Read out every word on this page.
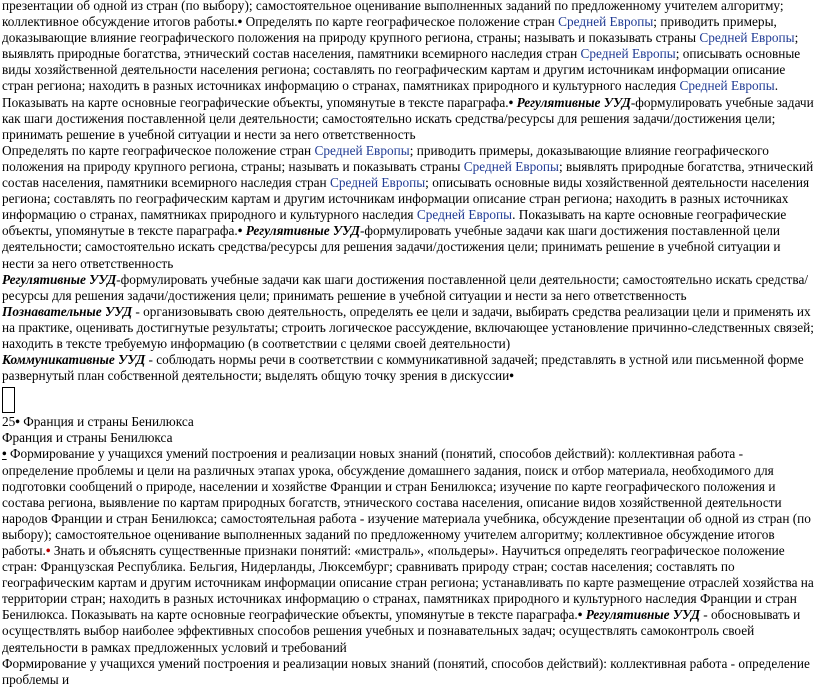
презентации об одной из стран (по выбору); самостоятельное оценивание выполненных заданий по предложенному учителем алгоритму; коллективное обсуждение итогов работы.• Определять по карте географическое положение стран Средней Европы; приводить примеры, доказывающие влияние географического положения на природу крупного региона, страны; называть и показывать страны Средней Европы; выявлять природные богатства, этнический состав населения, памятники всемирного наследия стран Средней Европы; описывать основные виды хозяйственной деятельности населения региона; составлять по географическим картам и другим источникам информации описание стран региона; находить в разных источниках информацию о странах, памятниках природного и культурного наследия Средней Европы. Показывать на карте основные географические объекты, упомянутые в тексте параграфа.• Регулятивные УУД-формулировать учебные задачи как шаги достижения поставленной цели деятельности; самостоятельно искать средства/ресурсы для решения задачи/достижения цели; принимать решение в учебной ситуации и нести за него ответственность

Определять по карте географическое положение стран Средней Европы; приводить примеры, доказывающие влияние географического положения на природу крупного региона, страны; называть и показывать страны Средней Европы; выявлять природные богатства, этнический состав населения, памятники всемирного наследия стран Средней Европы; описывать основные виды хозяйственной деятельности населения региона; составлять по географическим картам и другим источникам информации описание стран региона; находить в разных источниках информацию о странах, памятниках природного и культурного наследия Средней Европы. Показывать на карте основные географические объекты, упомянутые в тексте параграфа.• Регулятивные УУД-формулировать учебные задачи как шаги достижения поставленной цели деятельности; самостоятельно искать средства/ресурсы для решения задачи/достижения цели; принимать решение в учебной ситуации и нести за него ответственность

Регулятивные УУД-формулировать учебные задачи как шаги достижения поставленной цели деятельности; самостоятельно искать средства/ресурсы для решения задачи/достижения цели; принимать решение в учебной ситуации и нести за него ответственность

Познавательные УУД - организовывать свою деятельность, определять ее цели и задачи, выбирать средства реализации цели и применять их на практике, оценивать достигнутые результаты; строить логическое рассуждение, включающее установление причинно-следственных связей; находить в тексте требуемую информацию (в соответствии с целями своей деятельности)

Коммуникативные УУД - соблюдать нормы речи в соответствии с коммуникативной задачей; представлять в устной или письменной форме развернутый план собственной деятельности; выделять общую точку зрения в дискуссии•

25• Франция и страны Бенилюкса

Франция и страны Бенилюкса

• Формирование у учащихся умений построения и реализации новых знаний (понятий, способов действий): коллективная работа - определение проблемы и цели на различных этапах урока, обсуждение домашнего задания, поиск и отбор материала, необходимого для подготовки сообщений о природе, населении и хозяйстве Франции и стран Бенилюкса; изучение по карте географического положения и состава региона, выявление по картам природных богатств, этнического состава населения, описание видов хозяйственной деятельности народов Франции и стран Бенилюкса; самостоятельная работа - изучение материала учебника, обсуждение презентации об одной из стран (по выбору); самостоятельное оценивание выполненных заданий по предложенному учителем алгоритму; коллективное обсуждение итогов работы.• Знать и объяснять существенные признаки понятий: «мистраль», «польдеры». Научиться определять географическое положение стран: Французская Республика. Бельгия, Нидерланды, Люксембург; сравнивать природу стран; состав населения; составлять по географическим картам и другим источникам информации описание стран региона; устанавливать по карте размещение отраслей хозяйства на территории стран; находить в разных источниках информацию о странах, памятниках природного и культурного наследия Франции и стран Бенилюкса. Показывать на карте основные географические объекты, упомянутые в тексте параграфа.• Регулятивные УУД - обосновывать и осуществлять выбор наиболее эффективных способов решения учебных и познавательных задач; осуществлять самоконтроль своей деятельности в рамках предложенных условий и требований

Формирование у учащихся умений построения и реализации новых знаний (понятий, способов действий): коллективная работа - определение проблемы и
